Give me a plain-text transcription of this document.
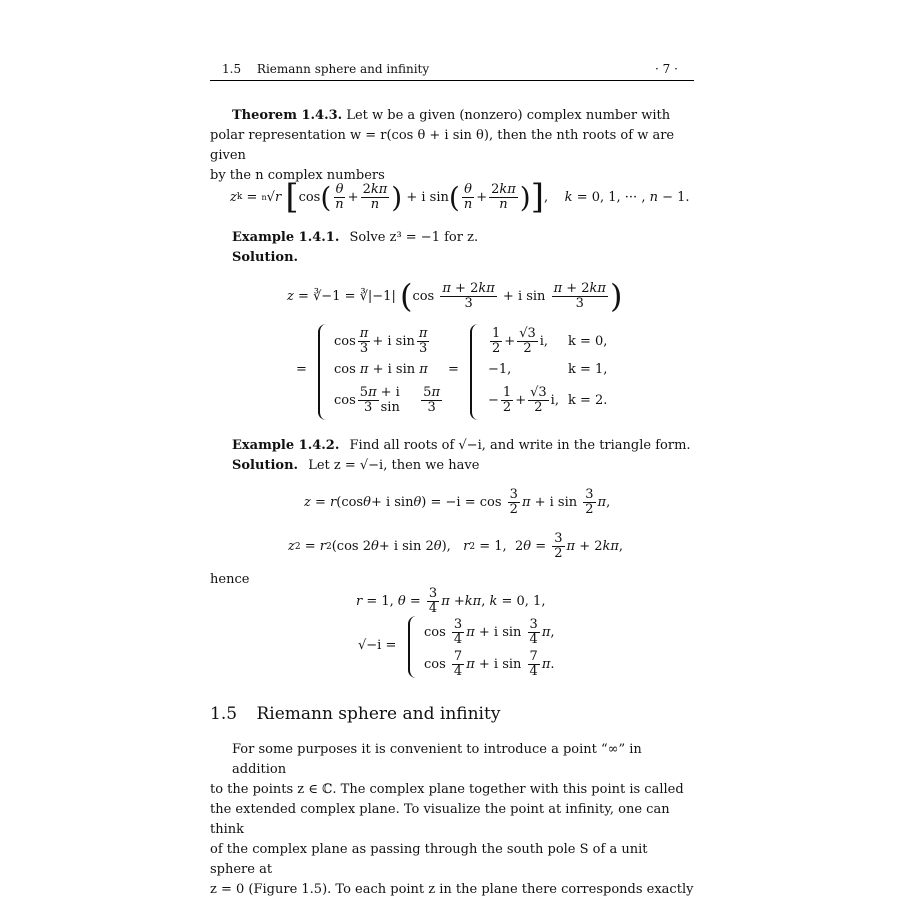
1.5 Riemann sphere and infinity	· 7 ·
Theorem 1.4.3. Let w be a given (nonzero) complex number with
polar representation w = r(cos θ + i sin θ), then the nth roots of w are given
by the n complex numbers
z k = n √ r
[ cos ( $\frac{\theta}{n} + \frac{2k\pi}{n}$ ) + i sin ( $\frac{\theta}{n} + \frac{2k\pi}{n}$ ) ] , k = 0, 1, ··· , n − 1.
Example 1.4.1. Solve z³ = −1 for z.
Solution.
z = ∛−1 = ∛|−1| ( $\cos \frac{\pi + 2k\pi}{3} + i$ $\sin \frac{\pi + 2k\pi}{3}$ )
=
$\cos \frac{\pi}{3} + i$ $\sin \frac{\pi}{3}$
cos π + i sin π
$\cos \frac{5\pi}{3} + i$ $\sin \frac{5\pi}{3}$
=
$\frac{1}{2} + \frac{√3}{2} i$,
−1,
− $\frac{1}{2} + \frac{√3}{2} i$,
k = 0,
k = 1,
k = 2.
Example 1.4.2. Find all roots of √−i, and write in the triangle form.
Solution. Let z = √−i, then we have
z = r (cos θ + i sin θ ) = $-i = \cos \frac{3}{2}$ π + i $\sin \frac{3}{2}$ π ,
z 2 = r 2 (cos 2 θ + i sin 2 θ ), r 2 = 1,  2 $\theta = \frac{3}{2}$ π + 2 kπ ,
hence
r = 1, $\theta = \frac{3}{4}$ π + kπ , k = 0, 1,
√−i =
$\cos \frac{3}{4}$ π + i $\sin \frac{3}{4}$ π ,
$\cos \frac{7}{4}$ π + i $\sin \frac{7}{4}$ π .
1.5 Riemann sphere and infinity
For some purposes it is convenient to introduce a point “∞” in addition
to the points z ∈ ℂ. The complex plane together with this point is called
the extended complex plane. To visualize the point at infinity, one can think
of the complex plane as passing through the south pole S of a unit sphere at
z = 0 (Figure 1.5). To each point z in the plane there corresponds exactly
